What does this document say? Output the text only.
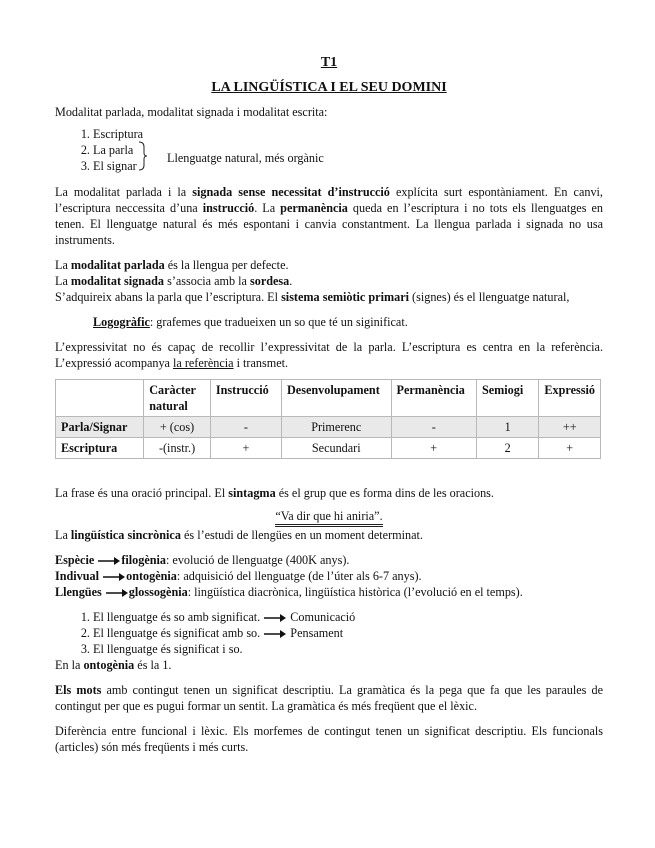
T1

LA LINGÜÍSTICA I EL SEU DOMINI

Modalitat parlada, modalitat signada i modalitat escrita:

1. Escriptura
2. La parla
3. El signar
Llenguatge natural, més orgànic

La modalitat parlada i la signada sense necessitat d’instrucció explícita surt espontàniament. En canvi, l’escriptura neccessita d’una instrucció. La permanència queda en l’escriptura i no tots els llenguatges en tenen. El llenguatge natural és més espontani i canvia constantment. La llengua parlada i signada no usa instruments.

La modalitat parlada és la llengua per defecte.

La modalitat signada s’associa amb la sordesa.

S’adquireix abans la parla que l’escriptura. El sistema semiòtic primari (signes) és el llenguatge natural,

Logogràfic: grafemes que tradueixen un so que té un siginificat.

L’expressivitat no és capaç de recollir l’expressivitat de la parla. L’escriptura es centra en la referència. L’expressió acompanya la referència i transmet.

	Caràcter natural	Instrucció	Desenvolupament	Permanència	Semiogi	Expressió
Parla/Signar	+ (cos)	-	Primerenc	-	1	++
Escriptura	-(instr.)	+	Secundari	+	2	+

La frase és una oració principal. El sintagma és el grup que es forma dins de les oracions.

“Va dir que hi aniria”.

La lingüística sincrònica és l’estudi de llengües en un moment determinat.

Espècie filogènia: evolució de llenguatge (400K anys).

Indivual ontogènia: adquisició del llenguatge (de l’úter als 6-7 anys).

Llengües glossogènia: lingüística diacrònica, lingüística històrica (l’evolució en el temps).

1. El llenguatge és so amb significat. Comunicació
2. El llenguatge és significat amb so. Pensament
3. El llenguatge és significat i so.

En la ontogènia és la 1.

Els mots amb contingut tenen un significat descriptiu. La gramàtica és la pega que fa que les paraules de contingut per que es pugui formar un sentit. La gramàtica és més freqüent que el lèxic.

Diferència entre funcional i lèxic. Els morfemes de contingut tenen un significat descriptiu. Els funcionals (articles) són més freqüents i més curts.
